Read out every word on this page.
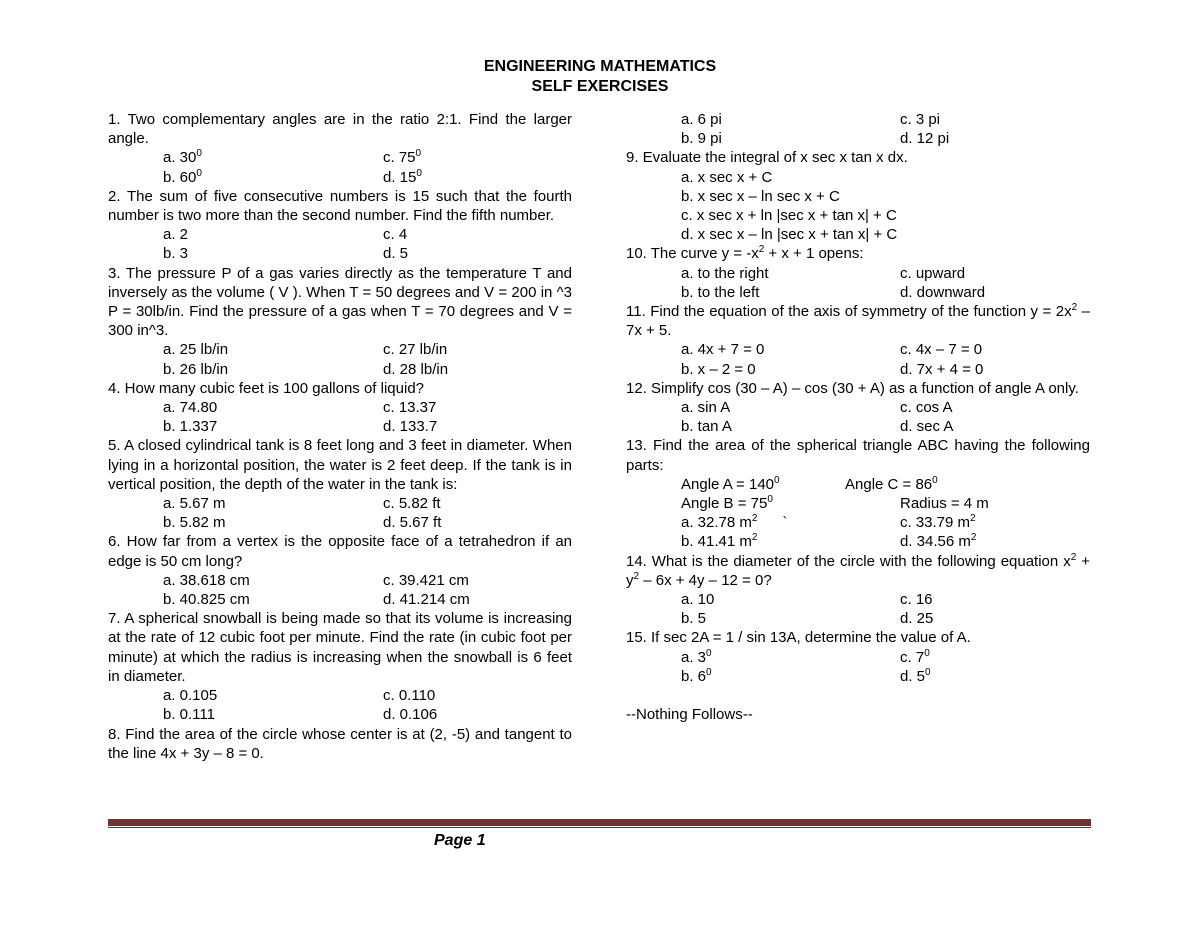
ENGINEERING MATHEMATICS
SELF EXERCISES
1. Two complementary angles are in the ratio 2:1. Find the larger angle.
a. $30^0$	c. $75^0$
b. $60^0$	d. $15^0$
2. The sum of five consecutive numbers is 15 such that the fourth number is two more than the second number. Find the fifth number.
a. 2	c. 4
b. 3	d. 5
3. The pressure P of a gas varies directly as the temperature T and inversely as the volume ( V ). When T = 50 degrees and V = 200 in ^3 P = 30lb/in. Find the pressure of a gas when T = 70 degrees and V = 300 in^3.
a. 25 lb/in	c. 27 lb/in
b. 26 lb/in	d. 28 lb/in
4. How many cubic feet is 100 gallons of liquid?
a. 74.80	c. 13.37
b. 1.337	d. 133.7
5. A closed cylindrical tank is 8 feet long and 3 feet in diameter. When lying in a horizontal position, the water is 2 feet deep. If the tank is in vertical position, the depth of the water in the tank is:
a. 5.67 m	c. 5.82 ft
b. 5.82 m	d. 5.67 ft
6. How far from a vertex is the opposite face of a tetrahedron if an edge is 50 cm long?
a. 38.618 cm	c. 39.421 cm
b. 40.825 cm	d. 41.214 cm
7. A spherical snowball is being made so that its volume is increasing at the rate of 12 cubic foot per minute. Find the rate (in cubic foot per minute) at which the radius is increasing when the snowball is 6 feet in diameter.
a. 0.105	c. 0.110
b. 0.111	d. 0.106
8. Find the area of the circle whose center is at (2, -5) and tangent to the line 4x + 3y – 8 = 0.
a. 6 pi	c. 3 pi
b. 9 pi	d. 12 pi
9. Evaluate the integral of x sec x tan x dx.
a. x sec x + C
b. x sec x – ln sec x + C
c. x sec x + ln |sec x + tan x| + C
d. x sec x – ln |sec x + tan x| + C
10. The curve $y = -x^2 + x + 1$ opens:
a. to the right	c. upward
b. to the left	d. downward
11. Find the equation of the axis of symmetry of the function $y = 2x^2 - 7x + 5$.
a. 4x + 7 = 0	c. 4x – 7 = 0
b. x – 2 = 0	d. 7x + 4 = 0
12. Simplify cos (30 – A) – cos (30 + A) as a function of angle A only.
a. sin A	c. cos A
b. tan A	d. sec A
13. Find the area of the spherical triangle ABC having the following parts:
Angle $A = 140^0$	Angle $C = 86^0$
Angle $B = 75^0$	Radius = 4 m
a. 32.78 $m^2$ `	c. 33.79 $m^2$
b. 41.41 $m^2$	d. 34.56 $m^2$
14. What is the diameter of the circle with the following equation $x^2 + y^2 - 6x + 4y - 12 = 0$?
a. 10	c. 16
b. 5	d. 25
15. If sec 2A = 1 / sin 13A, determine the value of A.
a. $3^0$	c. $7^0$
b. $6^0$	d. $5^0$
--Nothing Follows--
Page 1
